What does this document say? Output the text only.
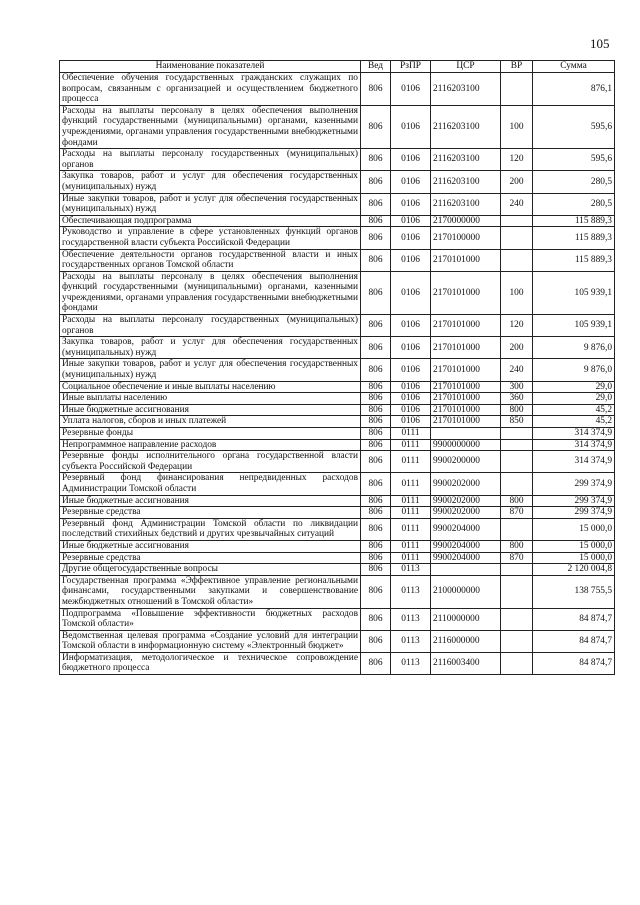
105
Наименование показателей	Вед	РзПР	ЦСР	ВР	Сумма
Обеспечение обучения государственных гражданских служащих по вопросам, связанным с организацией и осуществлением бюджетного процесса	806	0106	2116203100		876,1
Расходы на выплаты персоналу в целях обеспечения выполнения функций государственными (муниципальными) органами, казенными учреждениями, органами управления государственными внебюджетными фондами	806	0106	2116203100	100	595,6
Расходы на выплаты персоналу государственных (муниципальных) органов	806	0106	2116203100	120	595,6
Закупка товаров, работ и услуг для обеспечения государственных (муниципальных) нужд	806	0106	2116203100	200	280,5
Иные закупки товаров, работ и услуг для обеспечения государственных (муниципальных) нужд	806	0106	2116203100	240	280,5
Обеспечивающая подпрограмма	806	0106	2170000000		115 889,3
Руководство и управление в сфере установленных функций органов государственной власти субъекта Российской Федерации	806	0106	2170100000		115 889,3
Обеспечение деятельности органов государственной власти и иных государственных органов Томской области	806	0106	2170101000		115 889,3
Расходы на выплаты персоналу в целях обеспечения выполнения функций государственными (муниципальными) органами, казенными учреждениями, органами управления государственными внебюджетными фондами	806	0106	2170101000	100	105 939,1
Расходы на выплаты персоналу государственных (муниципальных) органов	806	0106	2170101000	120	105 939,1
Закупка товаров, работ и услуг для обеспечения государственных (муниципальных) нужд	806	0106	2170101000	200	9 876,0
Иные закупки товаров, работ и услуг для обеспечения государственных (муниципальных) нужд	806	0106	2170101000	240	9 876,0
Социальное обеспечение и иные выплаты населению	806	0106	2170101000	300	29,0
Иные выплаты населению	806	0106	2170101000	360	29,0
Иные бюджетные ассигнования	806	0106	2170101000	800	45,2
Уплата налогов, сборов и иных платежей	806	0106	2170101000	850	45,2
Резервные фонды	806	0111			314 374,9
Непрограммное направление расходов	806	0111	9900000000		314 374,9
Резервные фонды исполнительного органа государственной власти субъекта Российской Федерации	806	0111	9900200000		314 374,9
Резервный фонд финансирования непредвиденных расходов Администрации Томской области	806	0111	9900202000		299 374,9
Иные бюджетные ассигнования	806	0111	9900202000	800	299 374,9
Резервные средства	806	0111	9900202000	870	299 374,9
Резервный фонд Администрации Томской области по ликвидации последствий стихийных бедствий и других чрезвычайных ситуаций	806	0111	9900204000		15 000,0
Иные бюджетные ассигнования	806	0111	9900204000	800	15 000,0
Резервные средства	806	0111	9900204000	870	15 000,0
Другие общегосударственные вопросы	806	0113			2 120 004,8
Государственная программа «Эффективное управление региональными финансами, государственными закупками и совершенствование межбюджетных отношений в Томской области»	806	0113	2100000000		138 755,5
Подпрограмма «Повышение эффективности бюджетных расходов Томской области»	806	0113	2110000000		84 874,7
Ведомственная целевая программа «Создание условий для интеграции Томской области в информационную систему «Электронный бюджет»	806	0113	2116000000		84 874,7
Информатизация, методологическое и техническое сопровождение бюджетного процесса	806	0113	2116003400		84 874,7
